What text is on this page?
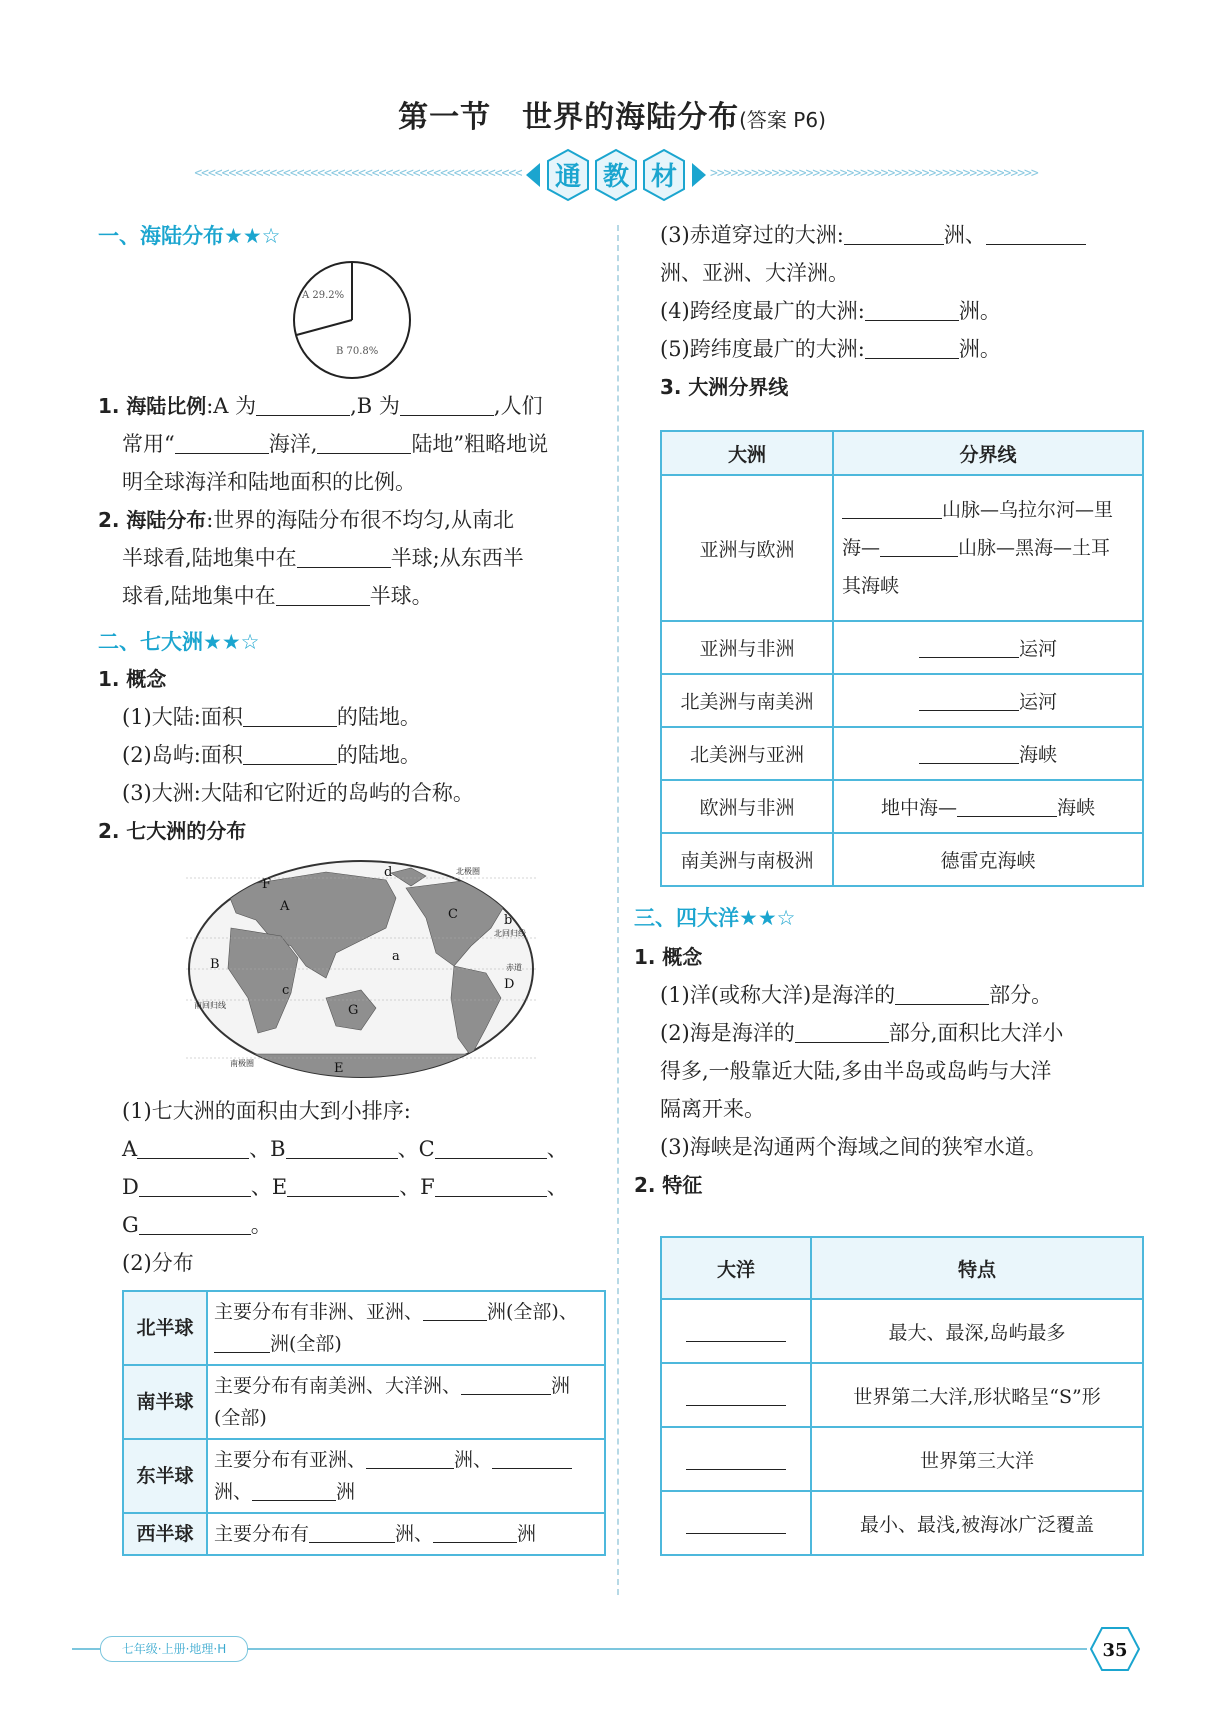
第一节　世界的海陆分布(答案 P6)
<<<<<<<<<<<<<<<<<<<<<<<<<<<<<<<<<<<<<<<<<<<<<<<<	>>>>>>>>>>>>>>>>>>>>>>>>>>>>>>>>>>>>>>>>>>>>>>>>
通 教 材
一、海陆分布★★☆
A 29.2%
B 70.8%
1. 海陆比例:A 为	,B 为	,人们
常用“	海洋,	陆地”粗略地说
明全球海洋和陆地面积的比例。
2. 海陆分布:世界的海陆分布很不均匀,从南北
半球看,陆地集中在	半球;从东西半
球看,陆地集中在	半球。
二、七大洲★★☆
1. 概念
(1)大陆:面积	的陆地。
(2)岛屿:面积	的陆地。
(3)大洲:大陆和它附近的岛屿的合称。
2. 七大洲的分布
A
B
C
D
E
F
G
a
b
c
d	北极圈
北回归线
赤道
南回归线
南极圈
(1)七大洲的面积由大到小排序:
A	、B	、C	、
D	、E	、F	、
G	。
(2)分布
北半球	主要分布有非洲、亚洲、 洲(全部)、
洲(全部)
南半球	主要分布有南美洲、大洋洲、 洲
(全部)
东半球	主要分布有亚洲、 洲、
洲、 洲
西半球	主要分布有 洲、 洲
(3)赤道穿过的大洲:	洲、
洲、亚洲、大洋洲。
(4)跨经度最广的大洲:	洲。
(5)跨纬度最广的大洲:	洲。
3. 大洲分界线
大洲	分界线
亚洲与欧洲	山脉—乌拉尔河—里
海— 山脉—黑海—土耳
其海峡
亚洲与非洲	运河
北美洲与南美洲	运河
北美洲与亚洲	海峡
欧洲与非洲	地中海— 海峡
南美洲与南极洲	德雷克海峡
三、四大洋★★☆
1. 概念
(1)洋(或称大洋)是海洋的	部分。
(2)海是海洋的	部分,面积比大洋小
得多,一般靠近大陆,多由半岛或岛屿与大洋
隔离开来。
(3)海峡是沟通两个海域之间的狭窄水道。
2. 特征
大洋	特点
	最大、最深,岛屿最多
	世界第二大洋,形状略呈“S”形
	世界第三大洋
	最小、最浅,被海冰广泛覆盖
七年级·上册·地理·H	35
